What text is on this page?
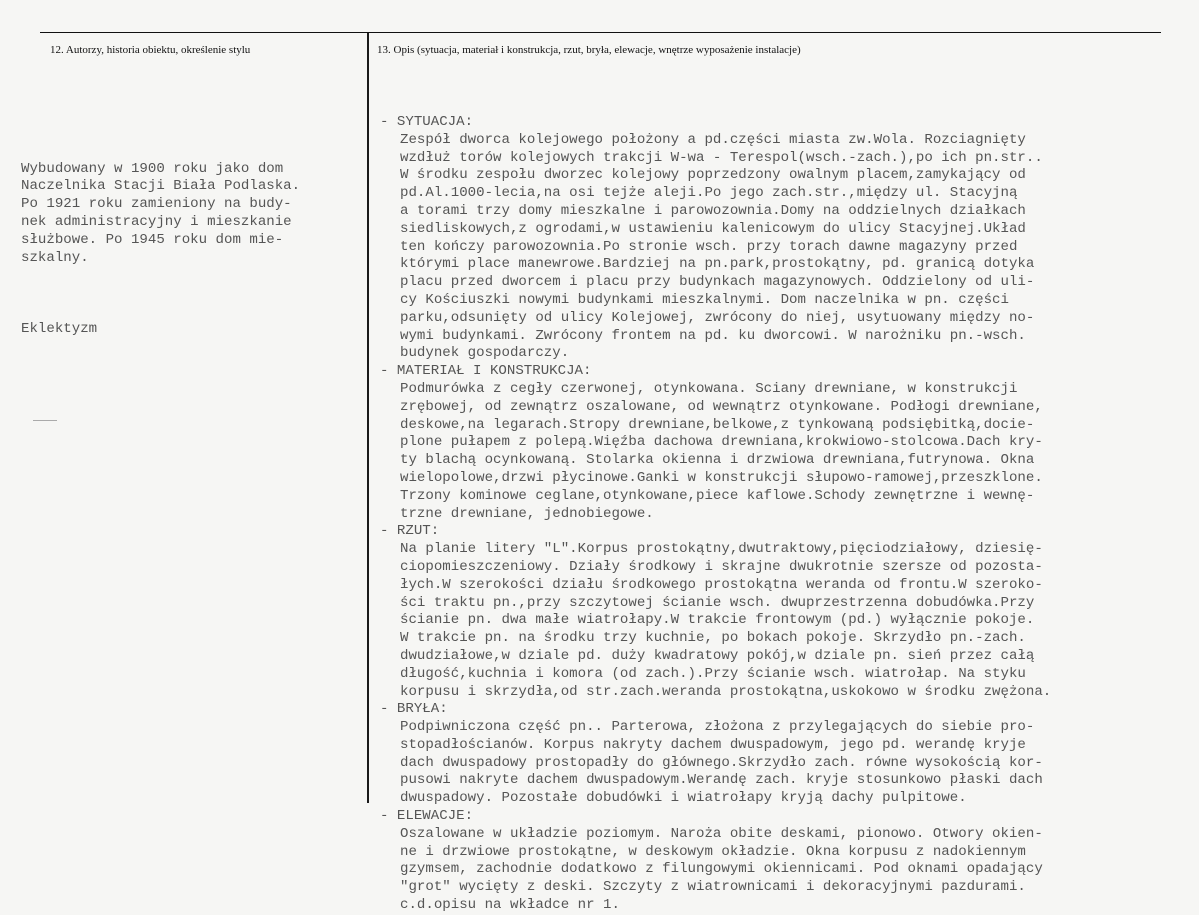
12. Autorzy, historia obiektu, określenie stylu	13. Opis (sytuacja, materiał i konstrukcja, rzut, bryła, elewacje, wnętrze wyposażenie instalacje)

Wybudowany w 1900 roku jako dom
Naczelnika Stacji Biała Podlaska.
Po 1921 roku zamieniony na budy-
nek administracyjny i mieszkanie
służbowe. Po 1945 roku dom mie-
szkalny.

Eklektyzm

- SYTUACJA:
Zespół dworca kolejowego położony a pd.części miasta zw.Wola. Rozciagnięty
wzdłuż torów kolejowych trakcji W-wa - Terespol(wsch.-zach.),po ich pn.str..
W środku zespołu dworzec kolejowy poprzedzony owalnym placem,zamykający od
pd.Al.1000-lecia,na osi tejże aleji.Po jego zach.str.,między ul. Stacyjną
a torami trzy domy mieszkalne i parowozownia.Domy na oddzielnych działkach
siedliskowych,z ogrodami,w ustawieniu kalenicowym do ulicy Stacyjnej.Układ
ten kończy parowozownia.Po stronie wsch. przy torach dawne magazyny przed
którymi place manewrowe.Bardziej na pn.park,prostokątny, pd. granicą dotyka
placu przed dworcem i placu przy budynkach magazynowych. Oddzielony od uli-
cy Kościuszki nowymi budynkami mieszkalnymi. Dom naczelnika w pn. części
parku,odsunięty od ulicy Kolejowej, zwrócony do niej, usytuowany między no-
wymi budynkami. Zwrócony frontem na pd. ku dworcowi. W narożniku pn.-wsch.
budynek gospodarczy.
- MATERIAŁ I KONSTRUKCJA:
Podmurówka z cegły czerwonej, otynkowana. Sciany drewniane, w konstrukcji
zrębowej, od zewnątrz oszalowane, od wewnątrz otynkowane. Podłogi drewniane,
deskowe,na legarach.Stropy drewniane,belkowe,z tynkowaną podsiębitką,docie-
plone pułapem z polepą.Więźba dachowa drewniana,krokwiowo-stolcowa.Dach kry-
ty blachą ocynkowaną. Stolarka okienna i drzwiowa drewniana,futrynowa. Okna
wielopolowe,drzwi płycinowe.Ganki w konstrukcji słupowo-ramowej,przeszklone.
Trzony kominowe ceglane,otynkowane,piece kaflowe.Schody zewnętrzne i wewnę-
trzne drewniane, jednobiegowe.
- RZUT:
Na planie litery "L".Korpus prostokątny,dwutraktowy,pięciodziałowy, dziesię-
ciopomieszczeniowy. Działy środkowy i skrajne dwukrotnie szersze od pozosta-
łych.W szerokości działu środkowego prostokątna weranda od frontu.W szeroko-
ści traktu pn.,przy szczytowej ścianie wsch. dwuprzestrzenna dobudówka.Przy
ścianie pn. dwa małe wiatrołapy.W trakcie frontowym (pd.) wyłącznie pokoje.
W trakcie pn. na środku trzy kuchnie, po bokach pokoje. Skrzydło pn.-zach.
dwudziałowe,w dziale pd. duży kwadratowy pokój,w dziale pn. sień przez całą
długość,kuchnia i komora (od zach.).Przy ścianie wsch. wiatrołap. Na styku
korpusu i skrzydła,od str.zach.weranda prostokątna,uskokowo w środku zwężona.
- BRYŁA:
Podpiwniczona część pn.. Parterowa, złożona z przylegających do siebie pro-
stopadłościanów. Korpus nakryty dachem dwuspadowym, jego pd. werandę kryje
dach dwuspadowy prostopadły do głównego.Skrzydło zach. równe wysokością kor-
pusowi nakryte dachem dwuspadowym.Werandę zach. kryje stosunkowo płaski dach
dwuspadowy. Pozostałe dobudówki i wiatrołapy kryją dachy pulpitowe.
- ELEWACJE:
Oszalowane w układzie poziomym. Naroża obite deskami, pionowo. Otwory okien-
ne i drzwiowe prostokątne, w deskowym okładzie. Okna korpusu z nadokiennym
gzymsem, zachodnie dodatkowo z filungowymi okiennicami. Pod oknami opadający
"grot" wycięty z deski. Szczyty z wiatrownicami i dekoracyjnymi pazdurami.
c.d.opisu na wkładce nr 1.
